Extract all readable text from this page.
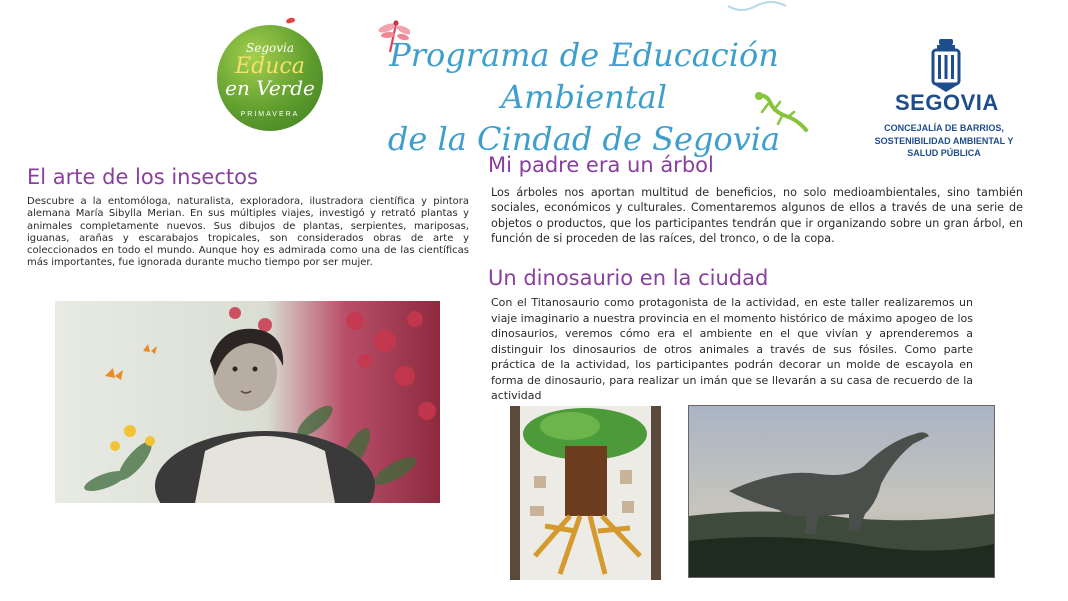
Segovia
Educa
en Verde
PRIMAVERA
Programa de Educación Ambiental
de la Cindad de Segovia
SEGOVIA
CONCEJALÍA DE BARRIOS,
SOSTENIBILIDAD AMBIENTAL Y
SALUD PÚBLICA
El arte de los insectos
Descubre a la entomóloga, naturalista, exploradora, ilustradora científica y pintora alemana María Sibylla Merian. En sus múltiples viajes, investigó y retrató plantas y animales completamente nuevos. Sus dibujos de plantas, serpientes, mariposas, iguanas, arañas y escarabajos tropicales, son considerados obras de arte y coleccionados en todo el mundo. Aunque hoy es admirada como una de las científicas más importantes, fue ignorada durante mucho tiempo por ser mujer.
Mi padre era un árbol
Los árboles nos aportan multitud de beneficios, no solo medioambientales, sino también sociales, económicos y culturales. Comentaremos algunos de ellos a través de una serie de objetos o productos, que los participantes tendrán que ir organizando sobre un gran árbol, en función de si proceden de las raíces, del tronco, o de la copa.
Un dinosaurio en la ciudad
Con el Titanosaurio como protagonista de la actividad, en este taller realizaremos un viaje imaginario a nuestra provincia en el momento histórico de máximo apogeo de los dinosaurios, veremos cómo era el ambiente en el que vivían y aprenderemos a distinguir los dinosaurios de otros animales a través de sus fósiles. Como parte práctica de la actividad, los participantes podrán decorar un molde de escayola en forma de dinosaurio, para realizar un imán que se llevarán a su casa de recuerdo de la actividad
